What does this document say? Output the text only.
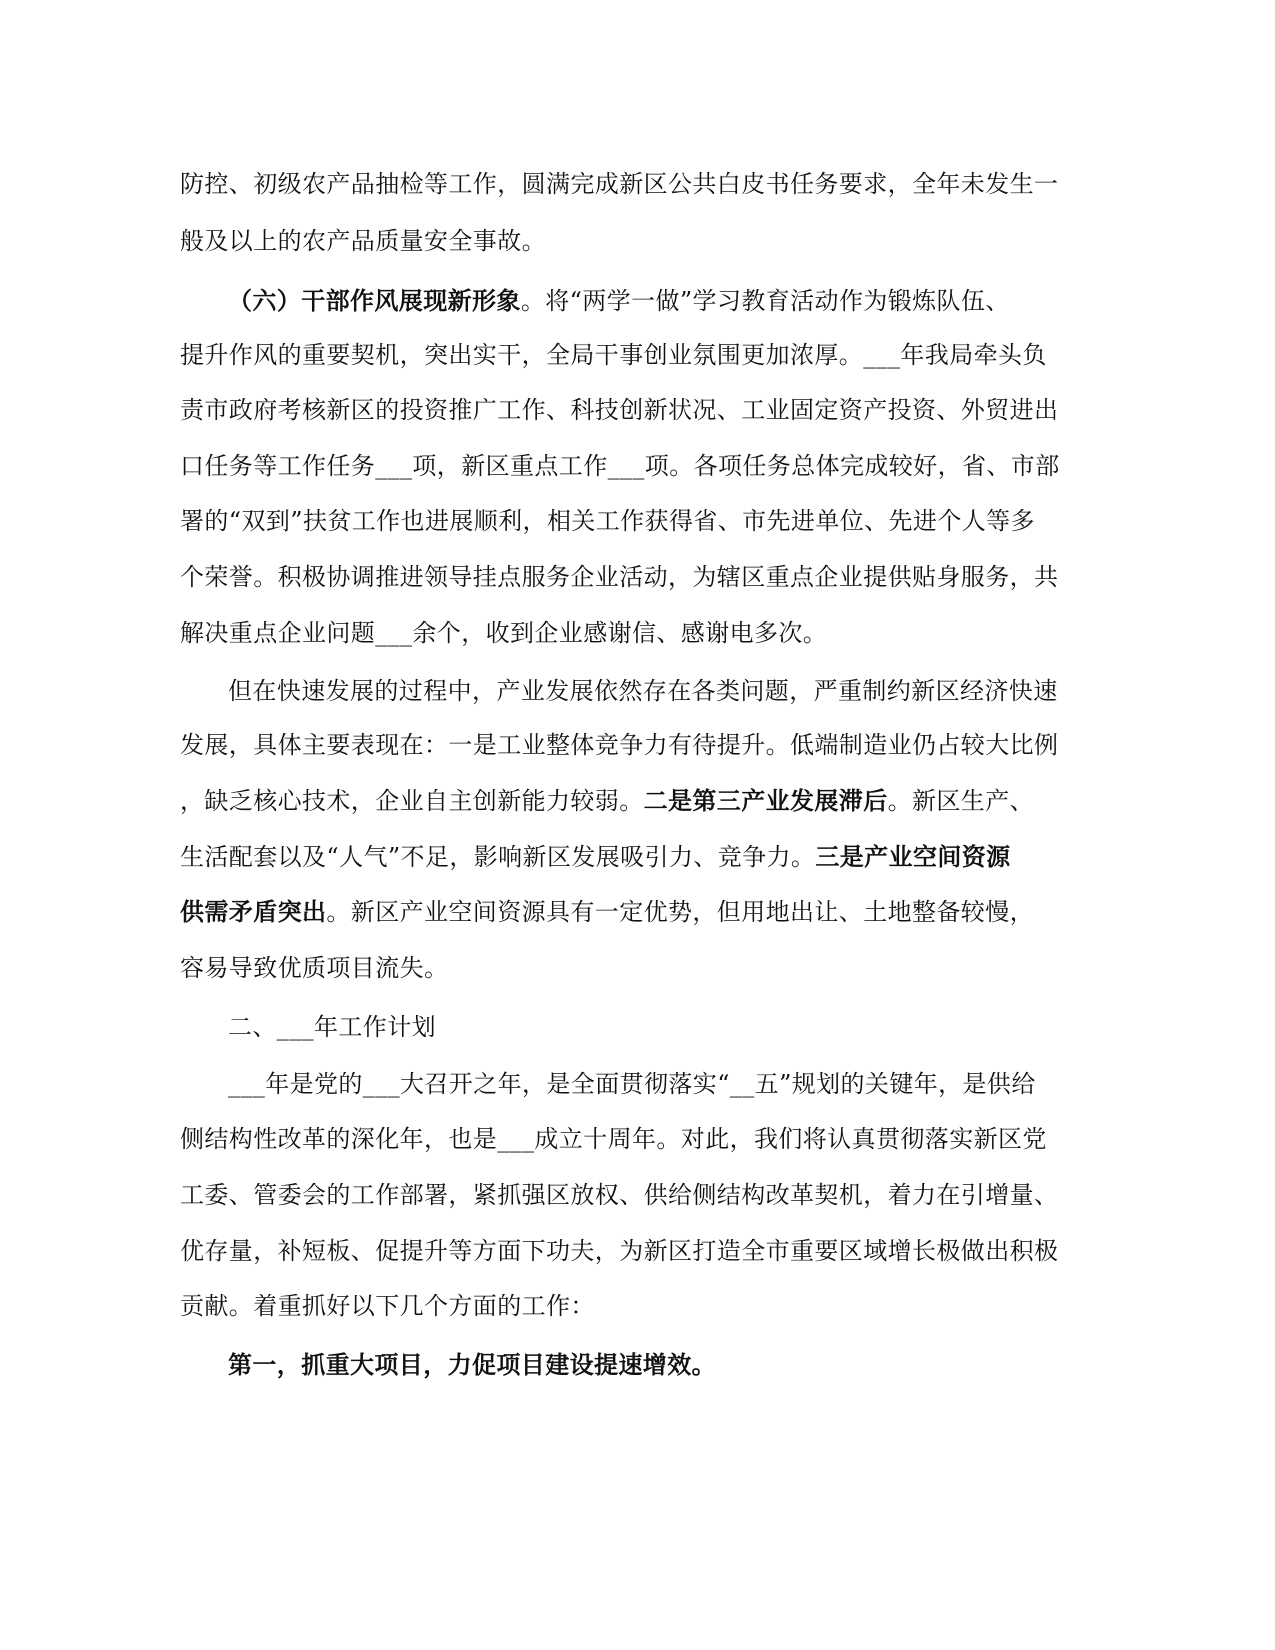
防控、初级农产品抽检等工作，圆满完成新区公共白皮书任务要求，全年未发生一
般及以上的农产品质量安全事故。
（六）干部作风展现新形象。将“两学一做”学习教育活动作为锻炼队伍、
提升作风的重要契机，突出实干，全局干事创业氛围更加浓厚。___年我局牵头负
责市政府考核新区的投资推广工作、科技创新状况、工业固定资产投资、外贸进出
口任务等工作任务___项，新区重点工作___项。各项任务总体完成较好，省、市部
署的“双到”扶贫工作也进展顺利，相关工作获得省、市先进单位、先进个人等多
个荣誉。积极协调推进领导挂点服务企业活动，为辖区重点企业提供贴身服务，共
解决重点企业问题___余个，收到企业感谢信、感谢电多次。
但在快速发展的过程中，产业发展依然存在各类问题，严重制约新区经济快速
发展，具体主要表现在：一是工业整体竞争力有待提升。低端制造业仍占较大比例
，缺乏核心技术，企业自主创新能力较弱。二是第三产业发展滞后。新区生产、
生活配套以及“人气”不足，影响新区发展吸引力、竞争力。三是产业空间资源
供需矛盾突出。新区产业空间资源具有一定优势，但用地出让、土地整备较慢，
容易导致优质项目流失。
二、___年工作计划
___年是党的___大召开之年，是全面贯彻落实“__五”规划的关键年，是供给
侧结构性改革的深化年，也是___成立十周年。对此，我们将认真贯彻落实新区党
工委、管委会的工作部署，紧抓强区放权、供给侧结构改革契机，着力在引增量、
优存量，补短板、促提升等方面下功夫，为新区打造全市重要区域增长极做出积极
贡献。着重抓好以下几个方面的工作：
第一，抓重大项目，力促项目建设提速增效。
